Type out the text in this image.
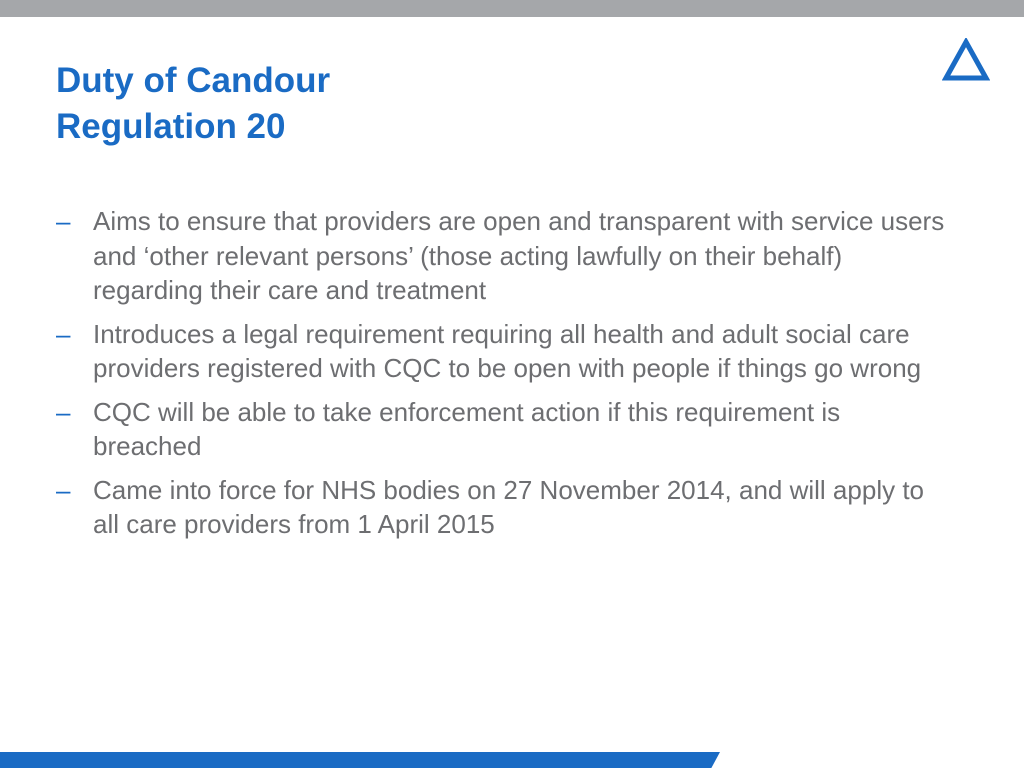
Duty of Candour
Regulation 20
– Aims to ensure that providers are open and transparent with service users and ‘other relevant persons’ (those acting lawfully on their behalf) regarding their care and treatment
– Introduces a legal requirement requiring all health and adult social care providers registered with CQC to be open with people if things go wrong
– CQC will be able to take enforcement action if this requirement is breached
– Came into force for NHS bodies on 27 November 2014, and will apply to all care providers from 1 April 2015
